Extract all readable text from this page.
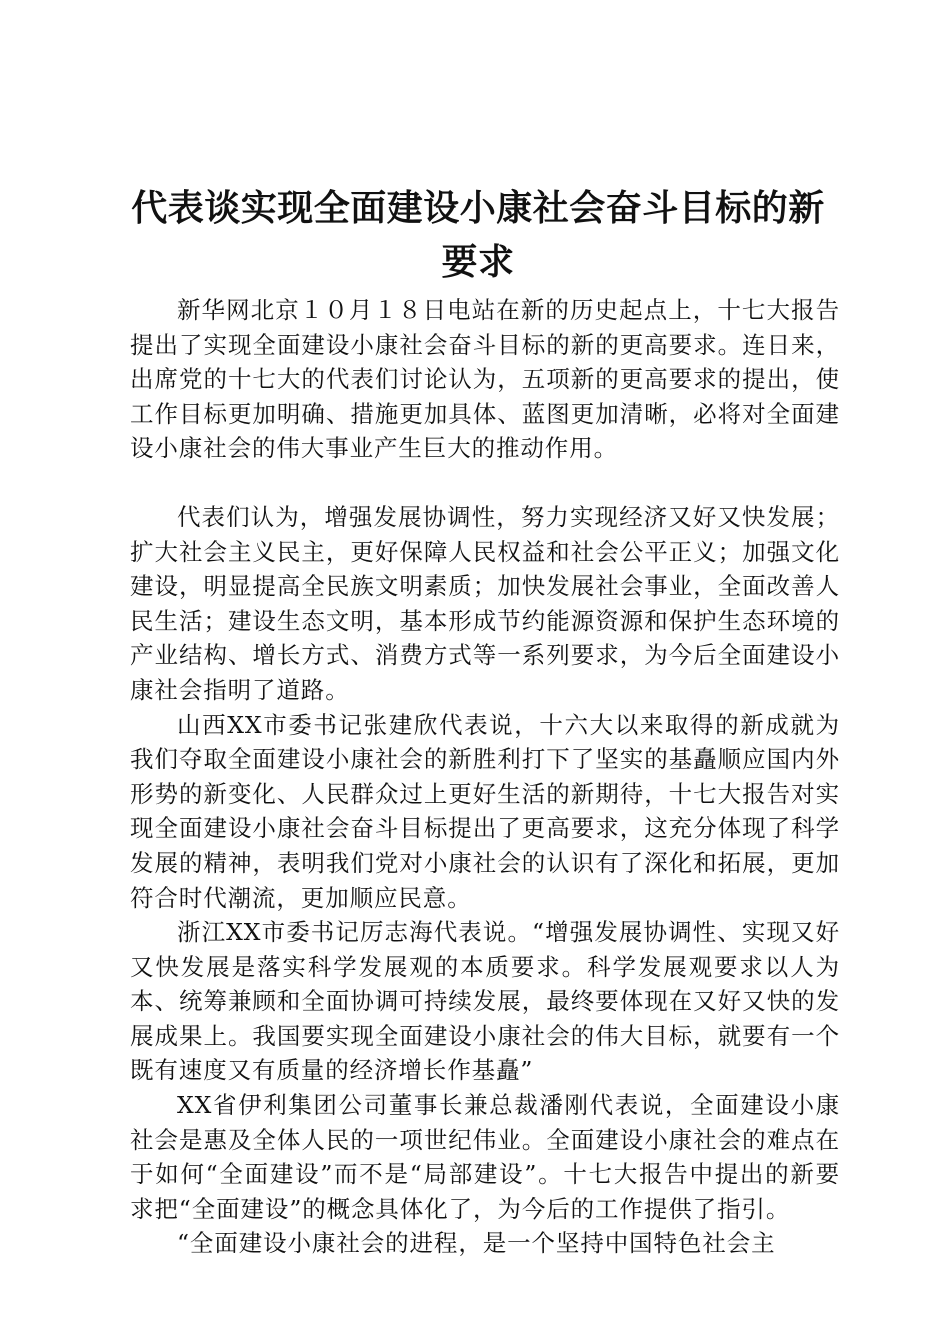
代表谈实现全面建设小康社会奋斗目标的新要求

新华网北京１０月１８日电站在新的历史起点上，十七大报告提出了实现全面建设小康社会奋斗目标的新的更高要求。连日来，出席党的十七大的代表们讨论认为，五项新的更高要求的提出，使工作目标更加明确、措施更加具体、蓝图更加清晰，必将对全面建设小康社会的伟大事业产生巨大的推动作用。

代表们认为，增强发展协调性，努力实现经济又好又快发展；扩大社会主义民主，更好保障人民权益和社会公平正义；加强文化建设，明显提高全民族文明素质；加快发展社会事业，全面改善人民生活；建设生态文明，基本形成节约能源资源和保护生态环境的产业结构、增长方式、消费方式等一系列要求，为今后全面建设小康社会指明了道路。

山西XX市委书记张建欣代表说，十六大以来取得的新成就为我们夺取全面建设小康社会的新胜利打下了坚实的基矗顺应国内外形势的新变化、人民群众过上更好生活的新期待，十七大报告对实现全面建设小康社会奋斗目标提出了更高要求，这充分体现了科学发展的精神，表明我们党对小康社会的认识有了深化和拓展，更加符合时代潮流，更加顺应民意。

浙江XX市委书记厉志海代表说。“增强发展协调性、实现又好又快发展是落实科学发展观的本质要求。科学发展观要求以人为本、统筹兼顾和全面协调可持续发展，最终要体现在又好又快的发展成果上。我国要实现全面建设小康社会的伟大目标，就要有一个既有速度又有质量的经济增长作基矗”

XX省伊利集团公司董事长兼总裁潘刚代表说，全面建设小康社会是惠及全体人民的一项世纪伟业。全面建设小康社会的难点在于如何“全面建设”而不是“局部建设”。十七大报告中提出的新要求把“全面建设”的概念具体化了，为今后的工作提供了指引。

“全面建设小康社会的进程，是一个坚持中国特色社会主
